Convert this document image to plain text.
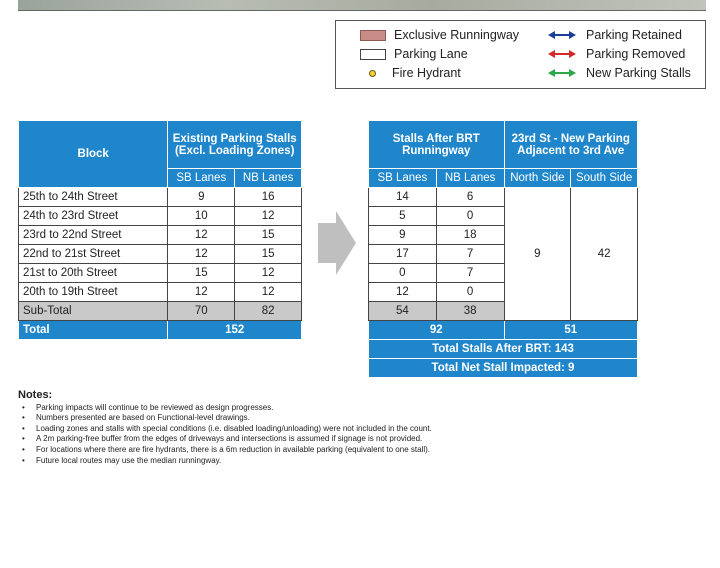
Exclusive Runningway
Parking Lane
Fire Hydrant
Parking Retained
Parking Removed
New Parking Stalls
Block	Existing Parking Stalls (Excl. Loading Zones)	
	SB Lanes	NB Lanes
25th to 24th Street	9	16
24th to 23rd Street	10	12
23rd to 22nd Street	12	15
22nd to 21st Street	12	15
21st to 20th Street	15	12
20th to 19th Street	12	12
Sub-Total	70	82
Total	152	
Stalls After BRT Runningway		23rd St - New Parking Adjacent to 3rd Ave	
SB Lanes	NB Lanes	North Side	South Side
14	6	9	42
5	0		
9	18		
17	7		
0	7		
12	0		
54	38		
92		51	
Total Stalls After BRT: 143			
Total Net Stall Impacted: 9			
Notes:
• Parking impacts will continue to be reviewed as design progresses.
• Numbers presented are based on Functional-level drawings.
• Loading zones and stalls with special conditions (i.e. disabled loading/unloading) were not included in the count.
• A 2m parking-free buffer from the edges of driveways and intersections is assumed if signage is not provided.
• For locations where there are fire hydrants, there is a 6m reduction in available parking (equivalent to one stall).
• Future local routes may use the median runningway.
